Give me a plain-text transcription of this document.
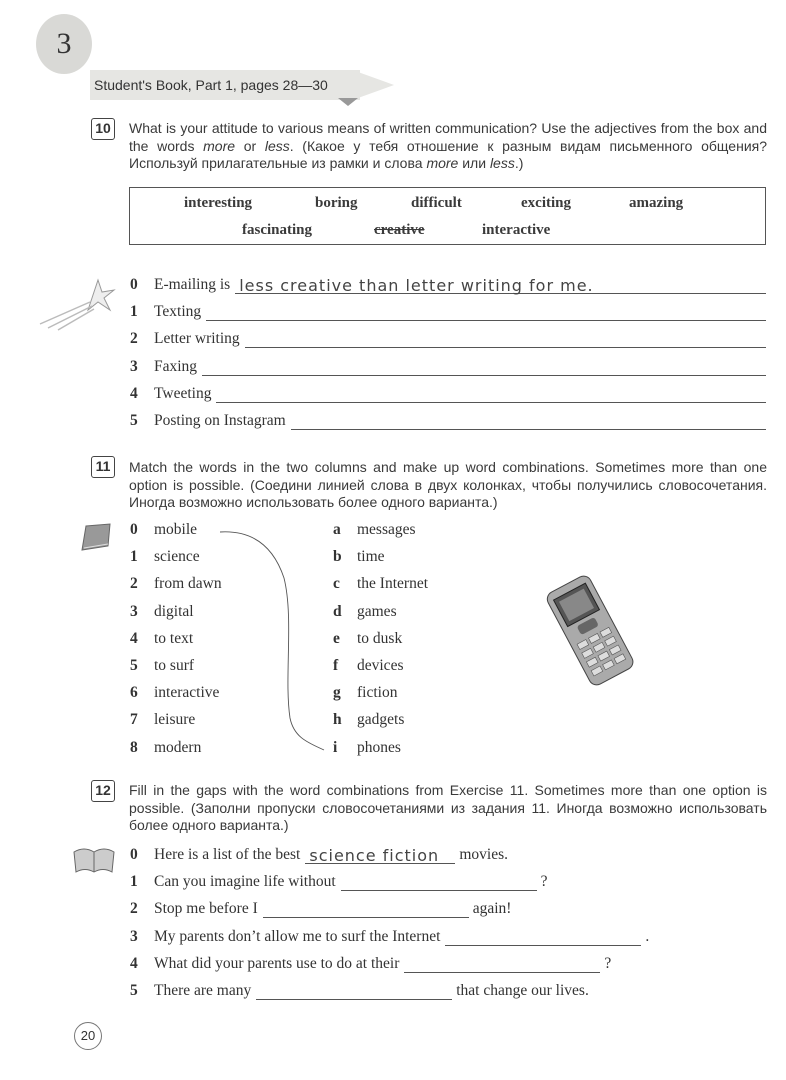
3
Student's Book, Part 1, pages 28—30
10	What is your attitude to various means of written communication? Use the adjectives from the box and the words more or less. (Какое у тебя отношение к разным видам письменного общения? Используй прилагательные из рамки и слова more или less.)
interesting	boring	difficult	exciting	amazing
fascinating	creative	interactive
0	E-mailing is less creative than letter writing for me.
1	Texting
2	Letter writing
3	Faxing
4	Tweeting
5	Posting on Instagram
11	Match the words in the two columns and make up word combinations. Sometimes more than one option is possible. (Соедини линией слова в двух колонках, чтобы получились словосочетания. Иногда возможно использовать более одного варианта.)
0 mobile	a messages
1 science	b time
2 from dawn	c the Internet
3 digital	d games
4 to text	e to dusk
5 to surf	f devices
6 interactive	g fiction
7 leisure	h gadgets
8 modern	i phones
12	Fill in the gaps with the word combinations from Exercise 11. Sometimes more than one option is possible. (Заполни пропуски словосочетаниями из задания 11. Иногда возможно использовать более одного варианта.)
0	Here is a list of the best science fiction movies.
1	Can you imagine life without	?
2	Stop me before I	again!
3	My parents don’t allow me to surf the Internet	.
4	What did your parents use to do at their	?
5	There are many	that change our lives.
20
